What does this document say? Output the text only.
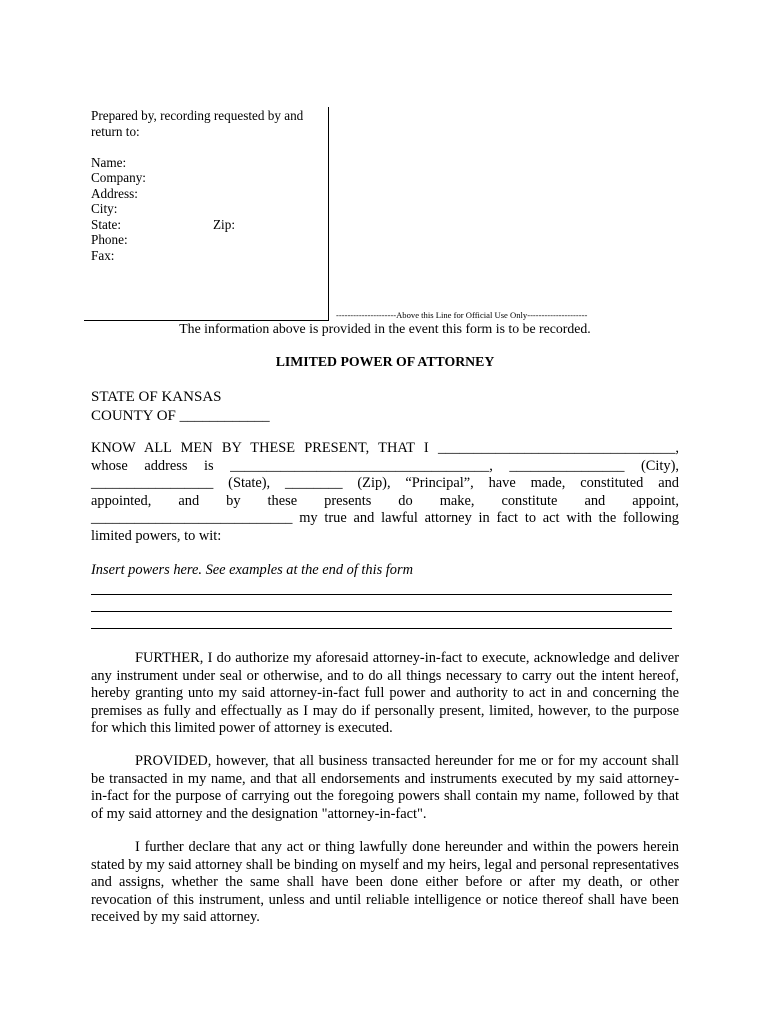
Prepared by, recording requested by and
return to:
Name:
Company:
Address:
City:
State:	Zip:
Phone:
Fax:
---------------------Above this Line for Official Use Only---------------------
The information above is provided in the event this form is to be recorded.
LIMITED POWER OF ATTORNEY
STATE OF KANSAS
COUNTY OF ____________
KNOW ALL MEN BY THESE PRESENT, THAT I _________________________________,
whose address is ____________________________________, ________________ (City),
_________________ (State), ________ (Zip), “Principal”, have made, constituted and
appointed, and by these presents do make, constitute and appoint,
____________________________ my true and lawful attorney in fact to act with the following
limited powers, to wit:
Insert powers here. See examples at the end of this form
FURTHER, I do authorize my aforesaid attorney-in-fact to execute, acknowledge and deliver any instrument under seal or otherwise, and to do all things necessary to carry out the intent hereof, hereby granting unto my said attorney-in-fact full power and authority to act in and concerning the premises as fully and effectually as I may do if personally present, limited, however, to the purpose for which this limited power of attorney is executed.
PROVIDED, however, that all business transacted hereunder for me or for my account shall be transacted in my name, and that all endorsements and instruments executed by my said attorney-in-fact for the purpose of carrying out the foregoing powers shall contain my name, followed by that of my said attorney and the designation "attorney-in-fact".
I further declare that any act or thing lawfully done hereunder and within the powers herein stated by my said attorney shall be binding on myself and my heirs, legal and personal representatives and assigns, whether the same shall have been done either before or after my death, or other revocation of this instrument, unless and until reliable intelligence or notice thereof shall have been received by my said attorney.
